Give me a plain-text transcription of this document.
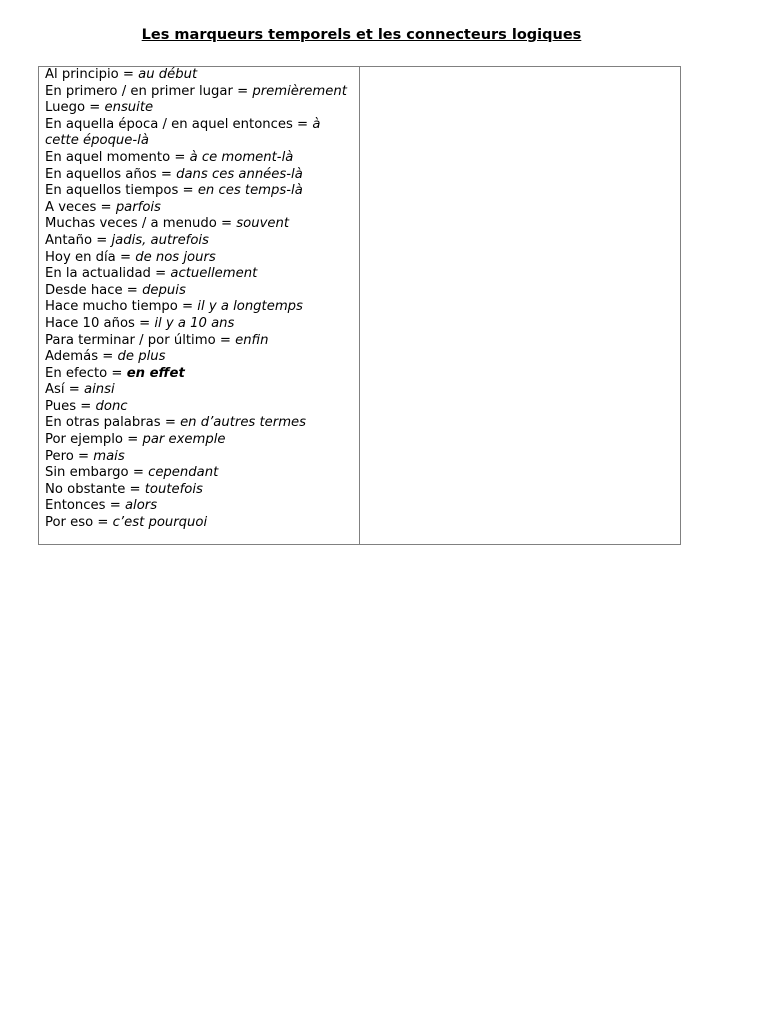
Les marqueurs temporels et les connecteurs logiques
Al principio = au début
En primero / en primer lugar = premièrement
Luego = ensuite
En aquella época / en aquel entonces = à cette époque-là
En aquel momento = à ce moment-là
En aquellos años = dans ces années-là
En aquellos tiempos = en ces temps-là
A veces = parfois
Muchas veces / a menudo = souvent
Antaño = jadis, autrefois
Hoy en día = de nos jours
En la actualidad = actuellement
Desde hace = depuis
Hace mucho tiempo = il y a longtemps
Hace 10 años = il y a 10 ans
Para terminar / por último = enfin
Además = de plus
En efecto = en effet
Así = ainsi
Pues = donc
En otras palabras = en d’autres termes
Por ejemplo = par exemple
Pero = mais
Sin embargo = cependant
No obstante = toutefois
Entonces = alors
Por eso = c’est pourquoi
